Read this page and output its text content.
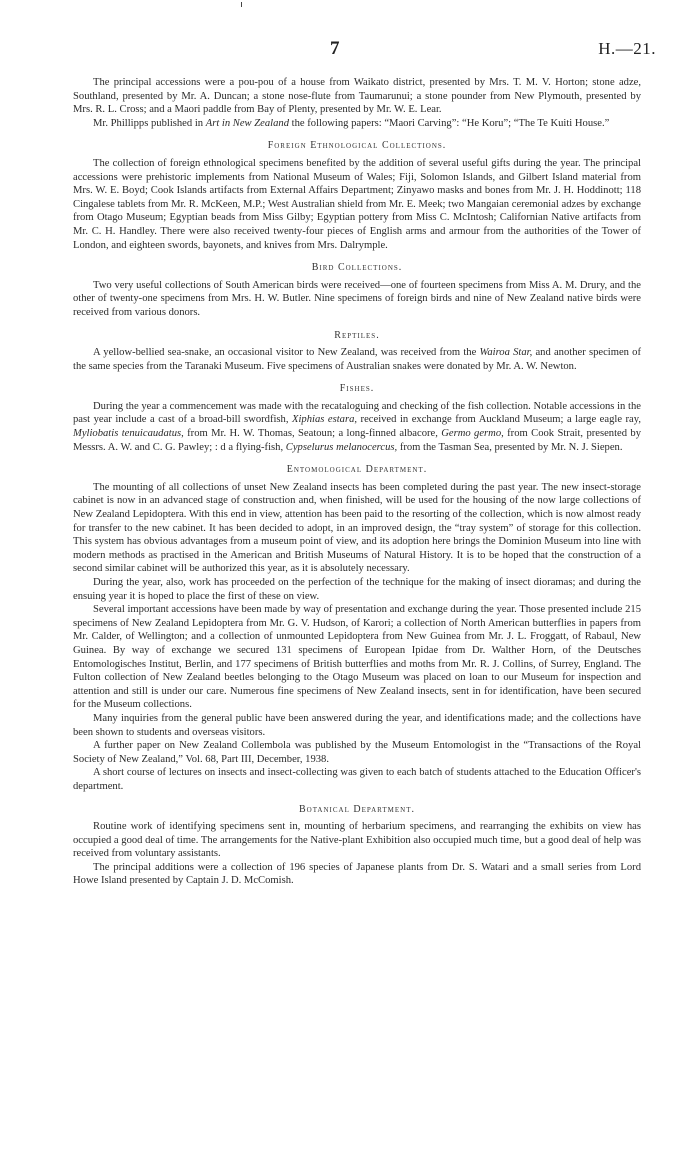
7	H.—21.

The principal accessions were a pou-pou of a house from Waikato district, presented by Mrs. T. M. V. Horton; stone adze, Southland, presented by Mr. A. Duncan; a stone nose-flute from Taumarunui; a stone pounder from New Plymouth, presented by Mrs. R. L. Cross; and a Maori paddle from Bay of Plenty, presented by Mr. W. E. Lear.

Mr. Phillipps published in Art in New Zealand the following papers: “Maori Carving”: “He Koru”; “The Te Kuiti House.”

Foreign Ethnological Collections.

The collection of foreign ethnological specimens benefited by the addition of several useful gifts during the year. The principal accessions were prehistoric implements from National Museum of Wales; Fiji, Solomon Islands, and Gilbert Island material from Mrs. W. E. Boyd; Cook Islands artifacts from External Affairs Department; Zinyawo masks and bones from Mr. J. H. Hoddinott; 118 Cingalese tablets from Mr. R. McKeen, M.P.; West Australian shield from Mr. E. Meek; two Mangaian ceremonial adzes by exchange from Otago Museum; Egyptian beads from Miss Gilby; Egyptian pottery from Miss C. McIntosh; Californian Native artifacts from Mr. C. H. Handley. There were also received twenty-four pieces of English arms and armour from the authorities of the Tower of London, and eighteen swords, bayonets, and knives from Mrs. Dalrymple.

Bird Collections.

Two very useful collections of South American birds were received—one of fourteen specimens from Miss A. M. Drury, and the other of twenty-one specimens from Mrs. H. W. Butler. Nine specimens of foreign birds and nine of New Zealand native birds were received from various donors.

Reptiles.

A yellow-bellied sea-snake, an occasional visitor to New Zealand, was received from the Wairoa Star, and another specimen of the same species from the Taranaki Museum. Five specimens of Australian snakes were donated by Mr. A. W. Newton.

Fishes.

During the year a commencement was made with the recataloguing and checking of the fish collection. Notable accessions in the past year include a cast of a broad-bill swordfish, Xiphias estara, received in exchange from Auckland Museum; a large eagle ray, Myliobatis tenuicaudatus, from Mr. H. W. Thomas, Seatoun; a long-finned albacore, Germo germo, from Cook Strait, presented by Messrs. A. W. and C. G. Pawley; : d a flying-fish, Cypselurus melanocercus, from the Tasman Sea, presented by Mr. N. J. Siepen.

Entomological Department.

The mounting of all collections of unset New Zealand insects has been completed during the past year. The new insect-storage cabinet is now in an advanced stage of construction and, when finished, will be used for the housing of the now large collections of New Zealand Lepidoptera. With this end in view, attention has been paid to the resorting of the collection, which is now almost ready for transfer to the new cabinet. It has been decided to adopt, in an improved design, the “tray system” of storage for this collection. This system has obvious advantages from a museum point of view, and its adoption here brings the Dominion Museum into line with modern methods as practised in the American and British Museums of Natural History. It is to be hoped that the construction of a second similar cabinet will be authorized this year, as it is absolutely necessary.

During the year, also, work has proceeded on the perfection of the technique for the making of insect dioramas; and during the ensuing year it is hoped to place the first of these on view.

Several important accessions have been made by way of presentation and exchange during the year. Those presented include 215 specimens of New Zealand Lepidoptera from Mr. G. V. Hudson, of Karori; a collection of North American butterflies in papers from Mr. Calder, of Wellington; and a collection of unmounted Lepidoptera from New Guinea from Mr. J. L. Froggatt, of Rabaul, New Guinea. By way of exchange we secured 131 specimens of European Ipidae from Dr. Walther Horn, of the Deutsches Entomologisches Institut, Berlin, and 177 specimens of British butterflies and moths from Mr. R. J. Collins, of Surrey, England. The Fulton collection of New Zealand beetles belonging to the Otago Museum was placed on loan to our Museum for inspection and attention and still is under our care. Numerous fine specimens of New Zealand insects, sent in for identification, have been secured for the Museum collections.

Many inquiries from the general public have been answered during the year, and identifications made; and the collections have been shown to students and overseas visitors.

A further paper on New Zealand Collembola was published by the Museum Entomologist in the “Transactions of the Royal Society of New Zealand,” Vol. 68, Part III, December, 1938.

A short course of lectures on insects and insect-collecting was given to each batch of students attached to the Education Officer's department.

Botanical Department.

Routine work of identifying specimens sent in, mounting of herbarium specimens, and rearranging the exhibits on view has occupied a good deal of time. The arrangements for the Native-plant Exhibition also occupied much time, but a good deal of help was received from voluntary assistants.

The principal additions were a collection of 196 species of Japanese plants from Dr. S. Watari and a small series from Lord Howe Island presented by Captain J. D. McComish.
